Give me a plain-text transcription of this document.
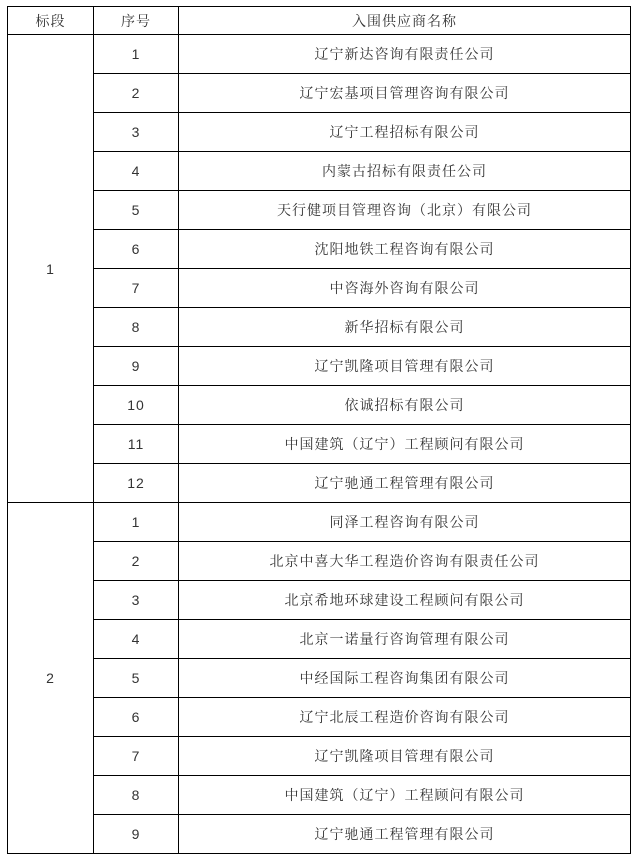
标段	序号	入围供应商名称
1	1	辽宁新达咨询有限责任公司
	2	辽宁宏基项目管理咨询有限公司
	3	辽宁工程招标有限公司
	4	内蒙古招标有限责任公司
	5	天行健项目管理咨询（北京）有限公司
	6	沈阳地铁工程咨询有限公司
	7	中咨海外咨询有限公司
	8	新华招标有限公司
	9	辽宁凯隆项目管理有限公司
	10	依诚招标有限公司
	11	中国建筑（辽宁）工程顾问有限公司
	12	辽宁驰通工程管理有限公司
2	1	同泽工程咨询有限公司
	2	北京中喜大华工程造价咨询有限责任公司
	3	北京希地环球建设工程顾问有限公司
	4	北京一诺量行咨询管理有限公司
	5	中经国际工程咨询集团有限公司
	6	辽宁北辰工程造价咨询有限公司
	7	辽宁凯隆项目管理有限公司
	8	中国建筑（辽宁）工程顾问有限公司
	9	辽宁驰通工程管理有限公司
